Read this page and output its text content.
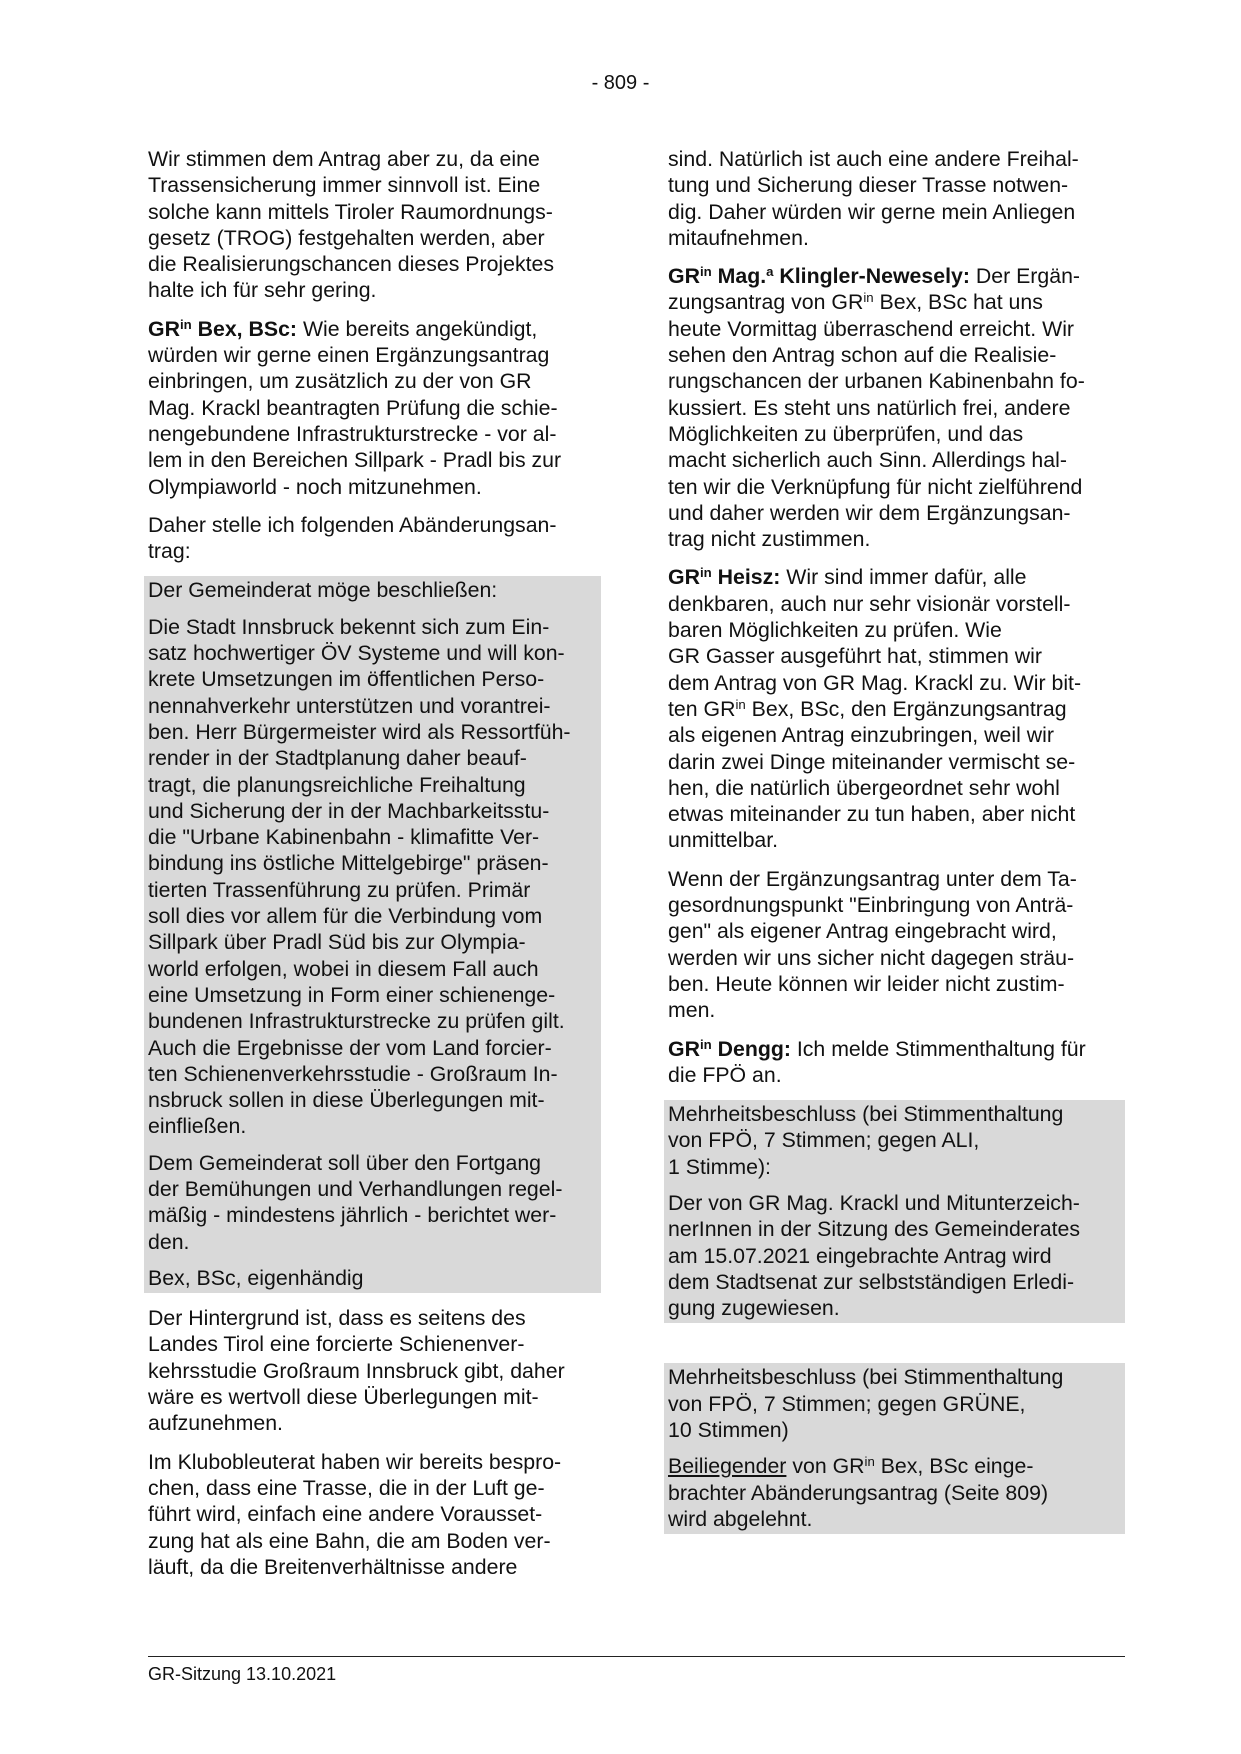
- 809 -
Wir stimmen dem Antrag aber zu, da eine
Trassensicherung immer sinnvoll ist. Eine
solche kann mittels Tiroler Raumordnungs-
gesetz (TROG) festgehalten werden, aber
die Realisierungschancen dieses Projektes
halte ich für sehr gering.
$GR^{in}$ Bex, BSc: Wie bereits angekündigt,
würden wir gerne einen Ergänzungsantrag
einbringen, um zusätzlich zu der von GR
Mag. Krackl beantragten Prüfung die schie-
nengebundene Infrastrukturstrecke - vor al-
lem in den Bereichen Sillpark - Pradl bis zur
Olympiaworld - noch mitzunehmen.
Daher stelle ich folgenden Abänderungsan-
trag:
Der Gemeinderat möge beschließen:
Die Stadt Innsbruck bekennt sich zum Ein-
satz hochwertiger ÖV Systeme und will kon-
krete Umsetzungen im öffentlichen Perso-
nennahverkehr unterstützen und vorantrei-
ben. Herr Bürgermeister wird als Ressortfüh-
render in der Stadtplanung daher beauf-
tragt, die planungsreichliche Freihaltung
und Sicherung der in der Machbarkeitsstu-
die "Urbane Kabinenbahn - klimafitte Ver-
bindung ins östliche Mittelgebirge" präsen-
tierten Trassenführung zu prüfen. Primär
soll dies vor allem für die Verbindung vom
Sillpark über Pradl Süd bis zur Olympia-
world erfolgen, wobei in diesem Fall auch
eine Umsetzung in Form einer schienenge-
bundenen Infrastrukturstrecke zu prüfen gilt.
Auch die Ergebnisse der vom Land forcier-
ten Schienenverkehrsstudie - Großraum In-
nsbruck sollen in diese Überlegungen mit-
einfließen.
Dem Gemeinderat soll über den Fortgang
der Bemühungen und Verhandlungen regel-
mäßig - mindestens jährlich - berichtet wer-
den.
Bex, BSc, eigenhändig
Der Hintergrund ist, dass es seitens des
Landes Tirol eine forcierte Schienenver-
kehrsstudie Großraum Innsbruck gibt, daher
wäre es wertvoll diese Überlegungen mit-
aufzunehmen.
Im Klubobleuterat haben wir bereits bespro-
chen, dass eine Trasse, die in der Luft ge-
führt wird, einfach eine andere Vorausset-
zung hat als eine Bahn, die am Boden ver-
läuft, da die Breitenverhältnisse andere
sind. Natürlich ist auch eine andere Freihal-
tung und Sicherung dieser Trasse notwen-
dig. Daher würden wir gerne mein Anliegen
mitaufnehmen.
$GR^{in}$ Mag.$^a$ Klingler-Newesely: Der Ergän-
zungsantrag von $GR^{in}$ Bex, BSc hat uns
heute Vormittag überraschend erreicht. Wir
sehen den Antrag schon auf die Realisie-
rungschancen der urbanen Kabinenbahn fo-
kussiert. Es steht uns natürlich frei, andere
Möglichkeiten zu überprüfen, und das
macht sicherlich auch Sinn. Allerdings hal-
ten wir die Verknüpfung für nicht zielführend
und daher werden wir dem Ergänzungsan-
trag nicht zustimmen.
$GR^{in}$ Heisz: Wir sind immer dafür, alle
denkbaren, auch nur sehr visionär vorstell-
baren Möglichkeiten zu prüfen. Wie
GR Gasser ausgeführt hat, stimmen wir
dem Antrag von GR Mag. Krackl zu. Wir bit-
ten $GR^{in}$ Bex, BSc, den Ergänzungsantrag
als eigenen Antrag einzubringen, weil wir
darin zwei Dinge miteinander vermischt se-
hen, die natürlich übergeordnet sehr wohl
etwas miteinander zu tun haben, aber nicht
unmittelbar.
Wenn der Ergänzungsantrag unter dem Ta-
gesordnungspunkt "Einbringung von Anträ-
gen" als eigener Antrag eingebracht wird,
werden wir uns sicher nicht dagegen sträu-
ben. Heute können wir leider nicht zustim-
men.
$GR^{in}$ Dengg: Ich melde Stimmenthaltung für
die FPÖ an.
Mehrheitsbeschluss (bei Stimmenthaltung
von FPÖ, 7 Stimmen; gegen ALI,
1 Stimme):
Der von GR Mag. Krackl und Mitunterzeich-
nerInnen in der Sitzung des Gemeinderates
am 15.07.2021 eingebrachte Antrag wird
dem Stadtsenat zur selbstständigen Erledi-
gung zugewiesen.
Mehrheitsbeschluss (bei Stimmenthaltung
von FPÖ, 7 Stimmen; gegen GRÜNE,
10 Stimmen)
Beiliegender von $GR^{in}$ Bex, BSc einge-
brachter Abänderungsantrag (Seite 809)
wird abgelehnt.
GR-Sitzung 13.10.2021
